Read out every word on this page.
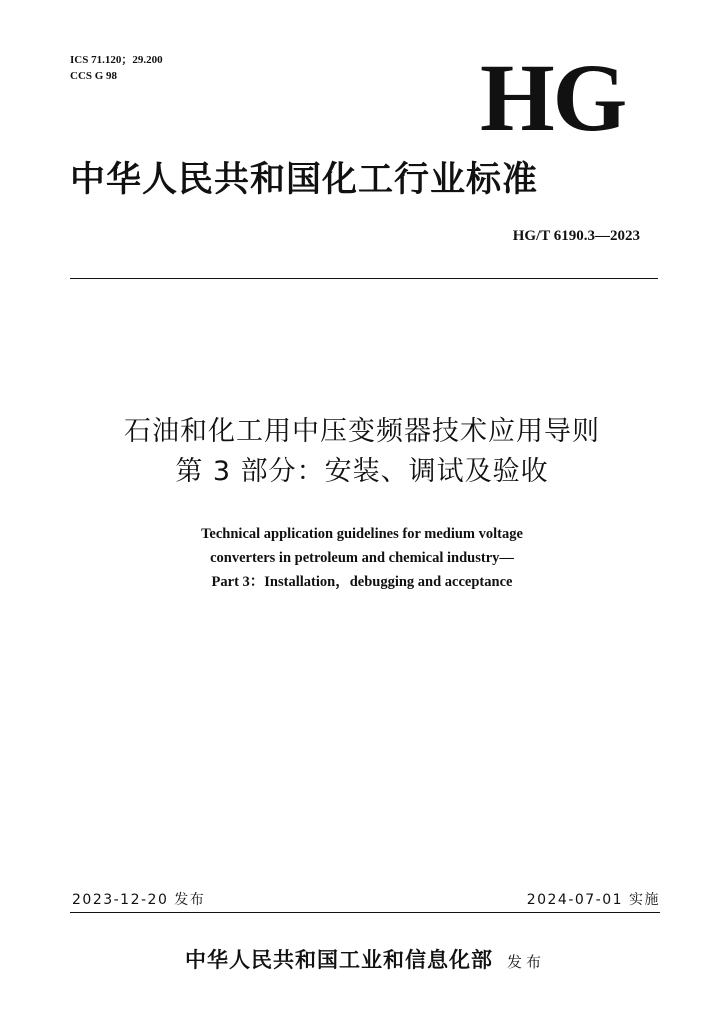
ICS 71.120；29.200
CCS G 98	HG
中华人民共和国化工行业标准
HG/T 6190.3—2023
石油和化工用中压变频器技术应用导则
第 3 部分：安装、调试及验收
Technical application guidelines for medium voltage
converters in petroleum and chemical industry—
Part 3：Installation，debugging and acceptance
2023-12-20 发布	2024-07-01 实施
中华人民共和国工业和信息化部 发布
